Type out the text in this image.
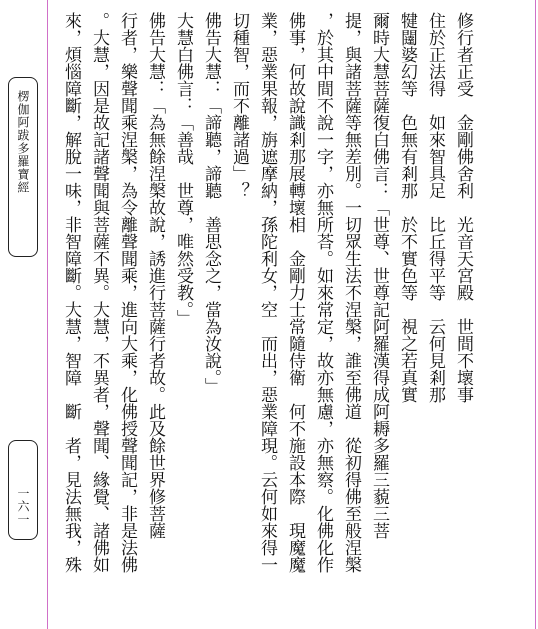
楞伽阿跋多羅寶經
一六一
修行者正受　金剛佛舍利　光音天宮殿　世間不壞事
住於正法得　如來智具足　比丘得平等　云何見剎那
犍闥婆幻等　色無有剎那　於不實色等　視之若真實
爾時大慧菩薩復白佛言：「世尊、世尊記阿羅漢得成阿耨多羅三藐三菩
提，與諸菩薩等無差別。一切眾生法不涅槃，誰至佛道　從初得佛至般涅槃
，於其中間不說一字，亦無所荅。如來常定，故亦無慮，亦無察。化佛化作
佛事，何故說識剎那展轉壞相　金剛力士常隨侍衛　何不施設本際　現魔魔
業，惡業果報，旃遮摩納，孫陀利女，空　而出，惡業障現。云何如來得一
切種智，而不離諸過」？
佛告大慧：「諦聽，諦聽　善思念之，當為汝說。」
大慧白佛言：「善哉　世尊，唯然受教。」
佛告大慧：「為無餘涅槃故說，誘進行菩薩行者故。此及餘世界修菩薩
行者，樂聲聞乘涅槃，為令離聲聞乘，進向大乘，化佛授聲聞記，非是法佛
。大慧，因是故記諸聲聞與菩薩不異。大慧，不異者，聲聞、緣覺、諸佛如
來，煩惱障斷，解脫一味，非智障斷。大慧，智障　斷　者，見法無我，殊
